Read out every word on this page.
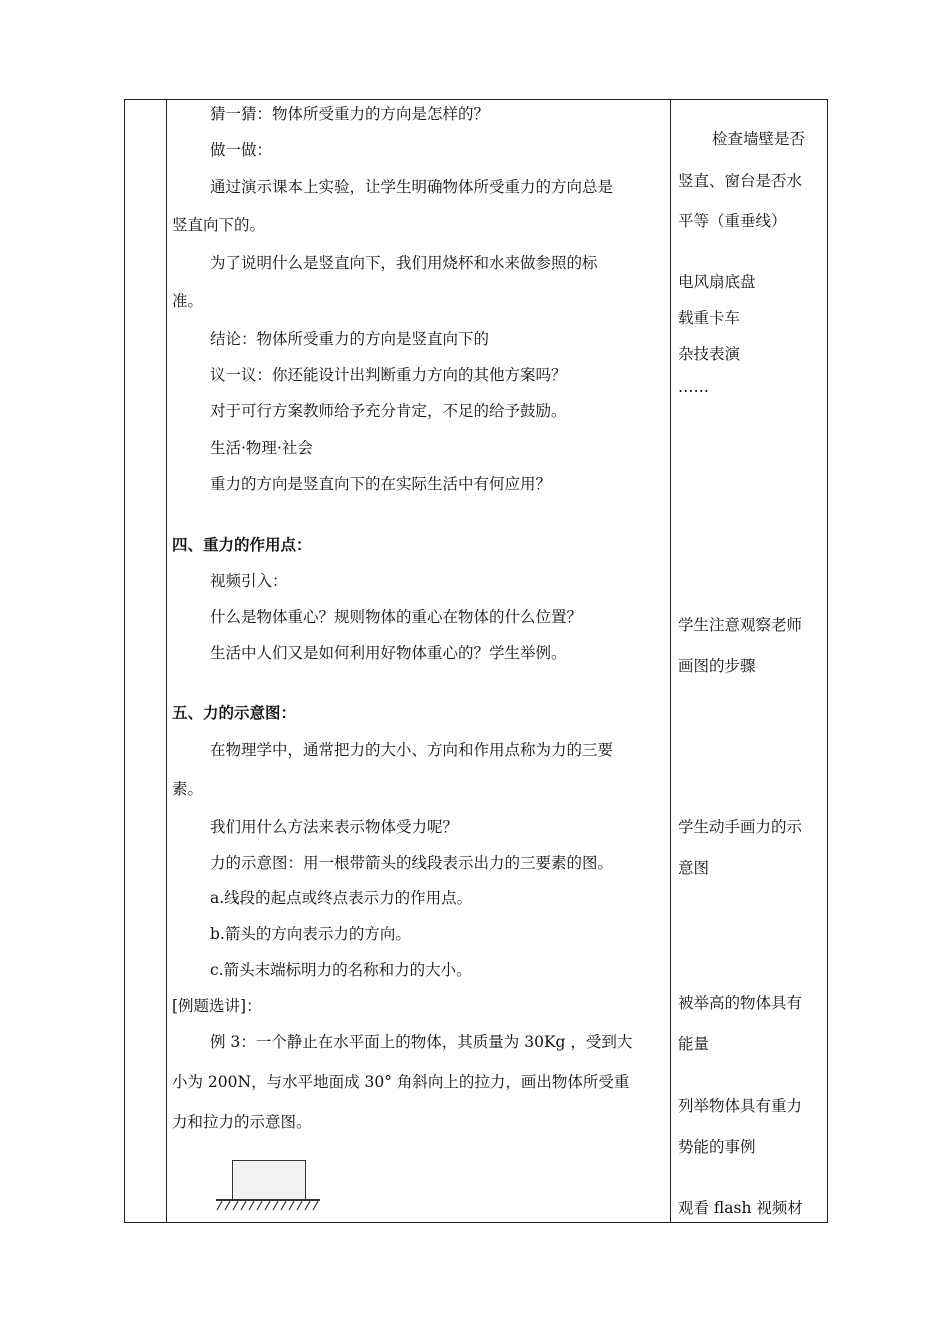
猜一猜：物体所受重力的方向是怎样的？
做一做：
通过演示课本上实验，让学生明确物体所受重力的方向总是
竖直向下的。
为了说明什么是竖直向下，我们用烧杯和水来做参照的标
准。
结论：物体所受重力的方向是竖直向下的
议一议：你还能设计出判断重力方向的其他方案吗？
对于可行方案教师给予充分肯定，不足的给予鼓励。
生活·物理·社会
重力的方向是竖直向下的在实际生活中有何应用？
四、重力的作用点：
视频引入：
什么是物体重心？规则物体的重心在物体的什么位置？
生活中人们又是如何利用好物体重心的？学生举例。
五、力的示意图：
在物理学中，通常把力的大小、方向和作用点称为力的三要
素。
我们用什么方法来表示物体受力呢？
力的示意图：用一根带箭头的线段表示出力的三要素的图。
a.线段的起点或终点表示力的作用点。
b.箭头的方向表示力的方向。
c.箭头末端标明力的名称和力的大小。
[例题选讲]：
例 3：一个静止在水平面上的物体，其质量为 30Kg ，受到大
小为 200N，与水平地面成 30° 角斜向上的拉力，画出物体所受重
力和拉力的示意图。
检查墙壁是否
竖直、窗台是否水
平等（重垂线）
电风扇底盘
载重卡车
杂技表演
……
学生注意观察老师
画图的步骤
学生动手画力的示
意图
被举高的物体具有
能量
列举物体具有重力
势能的事例
观看 flash 视频材
